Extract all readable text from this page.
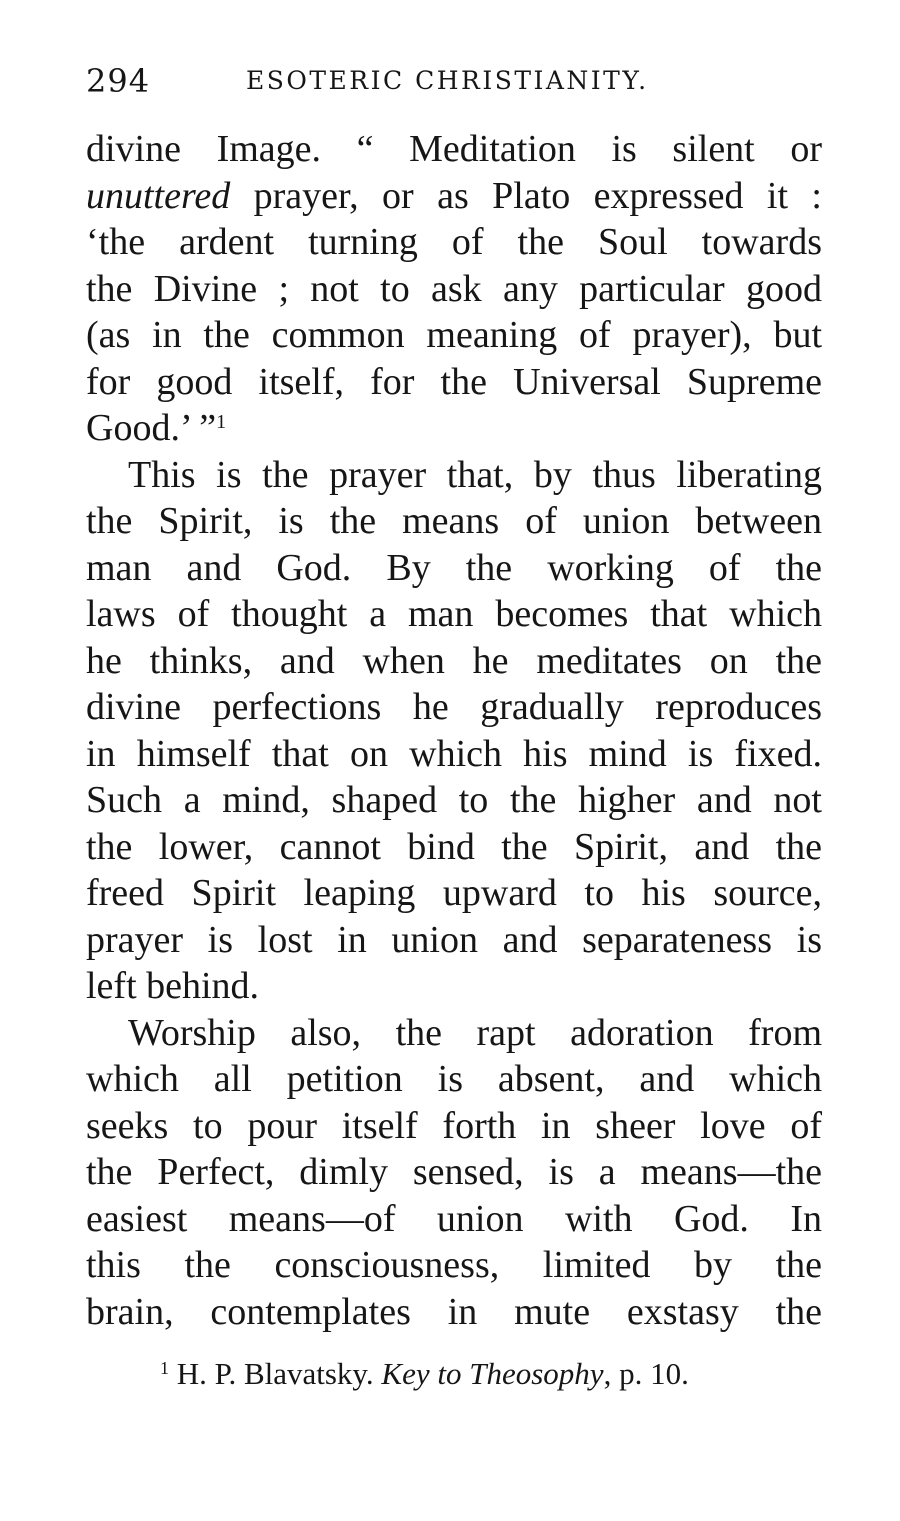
294	ESOTERIC CHRISTIANITY.
divine Image. “ Meditation is silent or
unuttered prayer, or as Plato expressed it :
‘the ardent turning of the Soul towards
the Divine ; not to ask any particular good
(as in the common meaning of prayer), but
for good itself, for the Universal Supreme
Good.’ ”$^1$
This is the prayer that, by thus liberating
the Spirit, is the means of union between
man and God. By the working of the
laws of thought a man becomes that which
he thinks, and when he meditates on the
divine perfections he gradually reproduces
in himself that on which his mind is fixed.
Such a mind, shaped to the higher and not
the lower, cannot bind the Spirit, and the
freed Spirit leaping upward to his source,
prayer is lost in union and separateness is
left behind.
Worship also, the rapt adoration from
which all petition is absent, and which
seeks to pour itself forth in sheer love of
the Perfect, dimly sensed, is a means—the
easiest means—of union with God. In
this the consciousness, limited by the
brain, contemplates in mute exstasy the
$^1$ H. P. Blavatsky. Key to Theosophy, p. 10.
